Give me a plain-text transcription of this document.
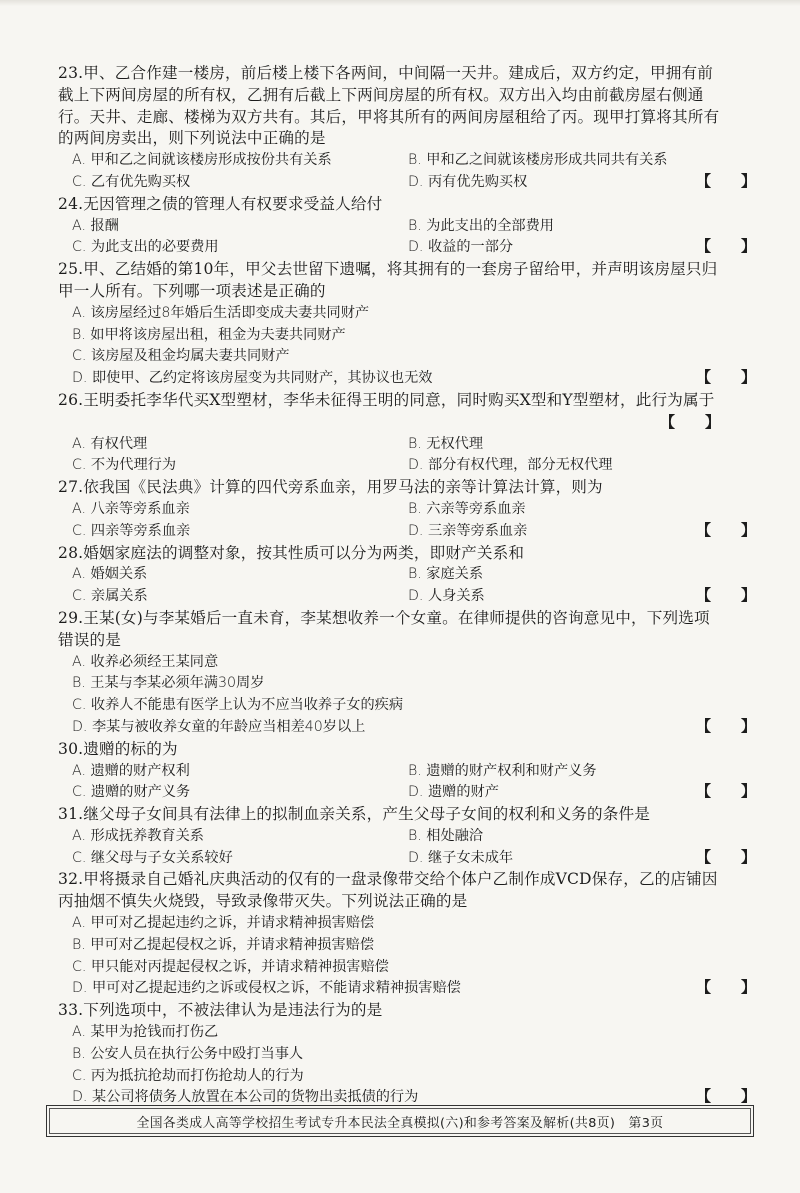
23.甲、乙合作建一楼房，前后楼上楼下各两间，中间隔一天井。建成后，双方约定，甲拥有前截上下两间房屋的所有权，乙拥有后截上下两间房屋的所有权。双方出入均由前截房屋右侧通行。天井、走廊、楼梯为双方共有。其后，甲将其所有的两间房屋租给了丙。现甲打算将其所有的两间房卖出，则下列说法中正确的是
【　　】
A. 甲和乙之间就该楼房形成按份共有关系	B. 甲和乙之间就该楼房形成共同共有关系
C. 乙有优先购买权	D. 丙有优先购买权
24.无因管理之债的管理人有权要求受益人给付
【　　】
A. 报酬	B. 为此支出的全部费用
C. 为此支出的必要费用	D. 收益的一部分
25.甲、乙结婚的第10年，甲父去世留下遗嘱，将其拥有的一套房子留给甲，并声明该房屋只归甲一人所有。下列哪一项表述是正确的
【　　】
A. 该房屋经过8年婚后生活即变成夫妻共同财产
B. 如甲将该房屋出租，租金为夫妻共同财产
C. 该房屋及租金均属夫妻共同财产
D. 即使甲、乙约定将该房屋变为共同财产，其协议也无效
26.王明委托李华代买X型塑材，李华未征得王明的同意，同时购买X型和Y型塑材，此行为属于
【　　】
A. 有权代理	B. 无权代理
C. 不为代理行为	D. 部分有权代理，部分无权代理
27.依我国《民法典》计算的四代旁系血亲，用罗马法的亲等计算法计算，则为
【　　】
A. 八亲等旁系血亲	B. 六亲等旁系血亲
C. 四亲等旁系血亲	D. 三亲等旁系血亲
28.婚姻家庭法的调整对象，按其性质可以分为两类，即财产关系和
【　　】
A. 婚姻关系	B. 家庭关系
C. 亲属关系	D. 人身关系
29.王某(女)与李某婚后一直未育，李某想收养一个女童。在律师提供的咨询意见中，下列选项错误的是
【　　】
A. 收养必须经王某同意
B. 王某与李某必须年满30周岁
C. 收养人不能患有医学上认为不应当收养子女的疾病
D. 李某与被收养女童的年龄应当相差40岁以上
30.遗赠的标的为
【　　】
A. 遗赠的财产权利	B. 遗赠的财产权利和财产义务
C. 遗赠的财产义务	D. 遗赠的财产
31.继父母子女间具有法律上的拟制血亲关系，产生父母子女间的权利和义务的条件是
【　　】
A. 形成抚养教育关系	B. 相处融洽
C. 继父母与子女关系较好	D. 继子女未成年
32.甲将摄录自己婚礼庆典活动的仅有的一盘录像带交给个体户乙制作成VCD保存，乙的店铺因丙抽烟不慎失火烧毁，导致录像带灭失。下列说法正确的是
【　　】
A. 甲可对乙提起违约之诉，并请求精神损害赔偿
B. 甲可对乙提起侵权之诉，并请求精神损害赔偿
C. 甲只能对丙提起侵权之诉，并请求精神损害赔偿
D. 甲可对乙提起违约之诉或侵权之诉，不能请求精神损害赔偿
33.下列选项中，不被法律认为是违法行为的是
【　　】
A. 某甲为抢钱而打伤乙
B. 公安人员在执行公务中殴打当事人
C. 丙为抵抗抢劫而打伤抢劫人的行为
D. 某公司将债务人放置在本公司的货物出卖抵债的行为
全国各类成人高等学校招生考试专升本民法全真模拟(六)和参考答案及解析(共8页)　第3页
